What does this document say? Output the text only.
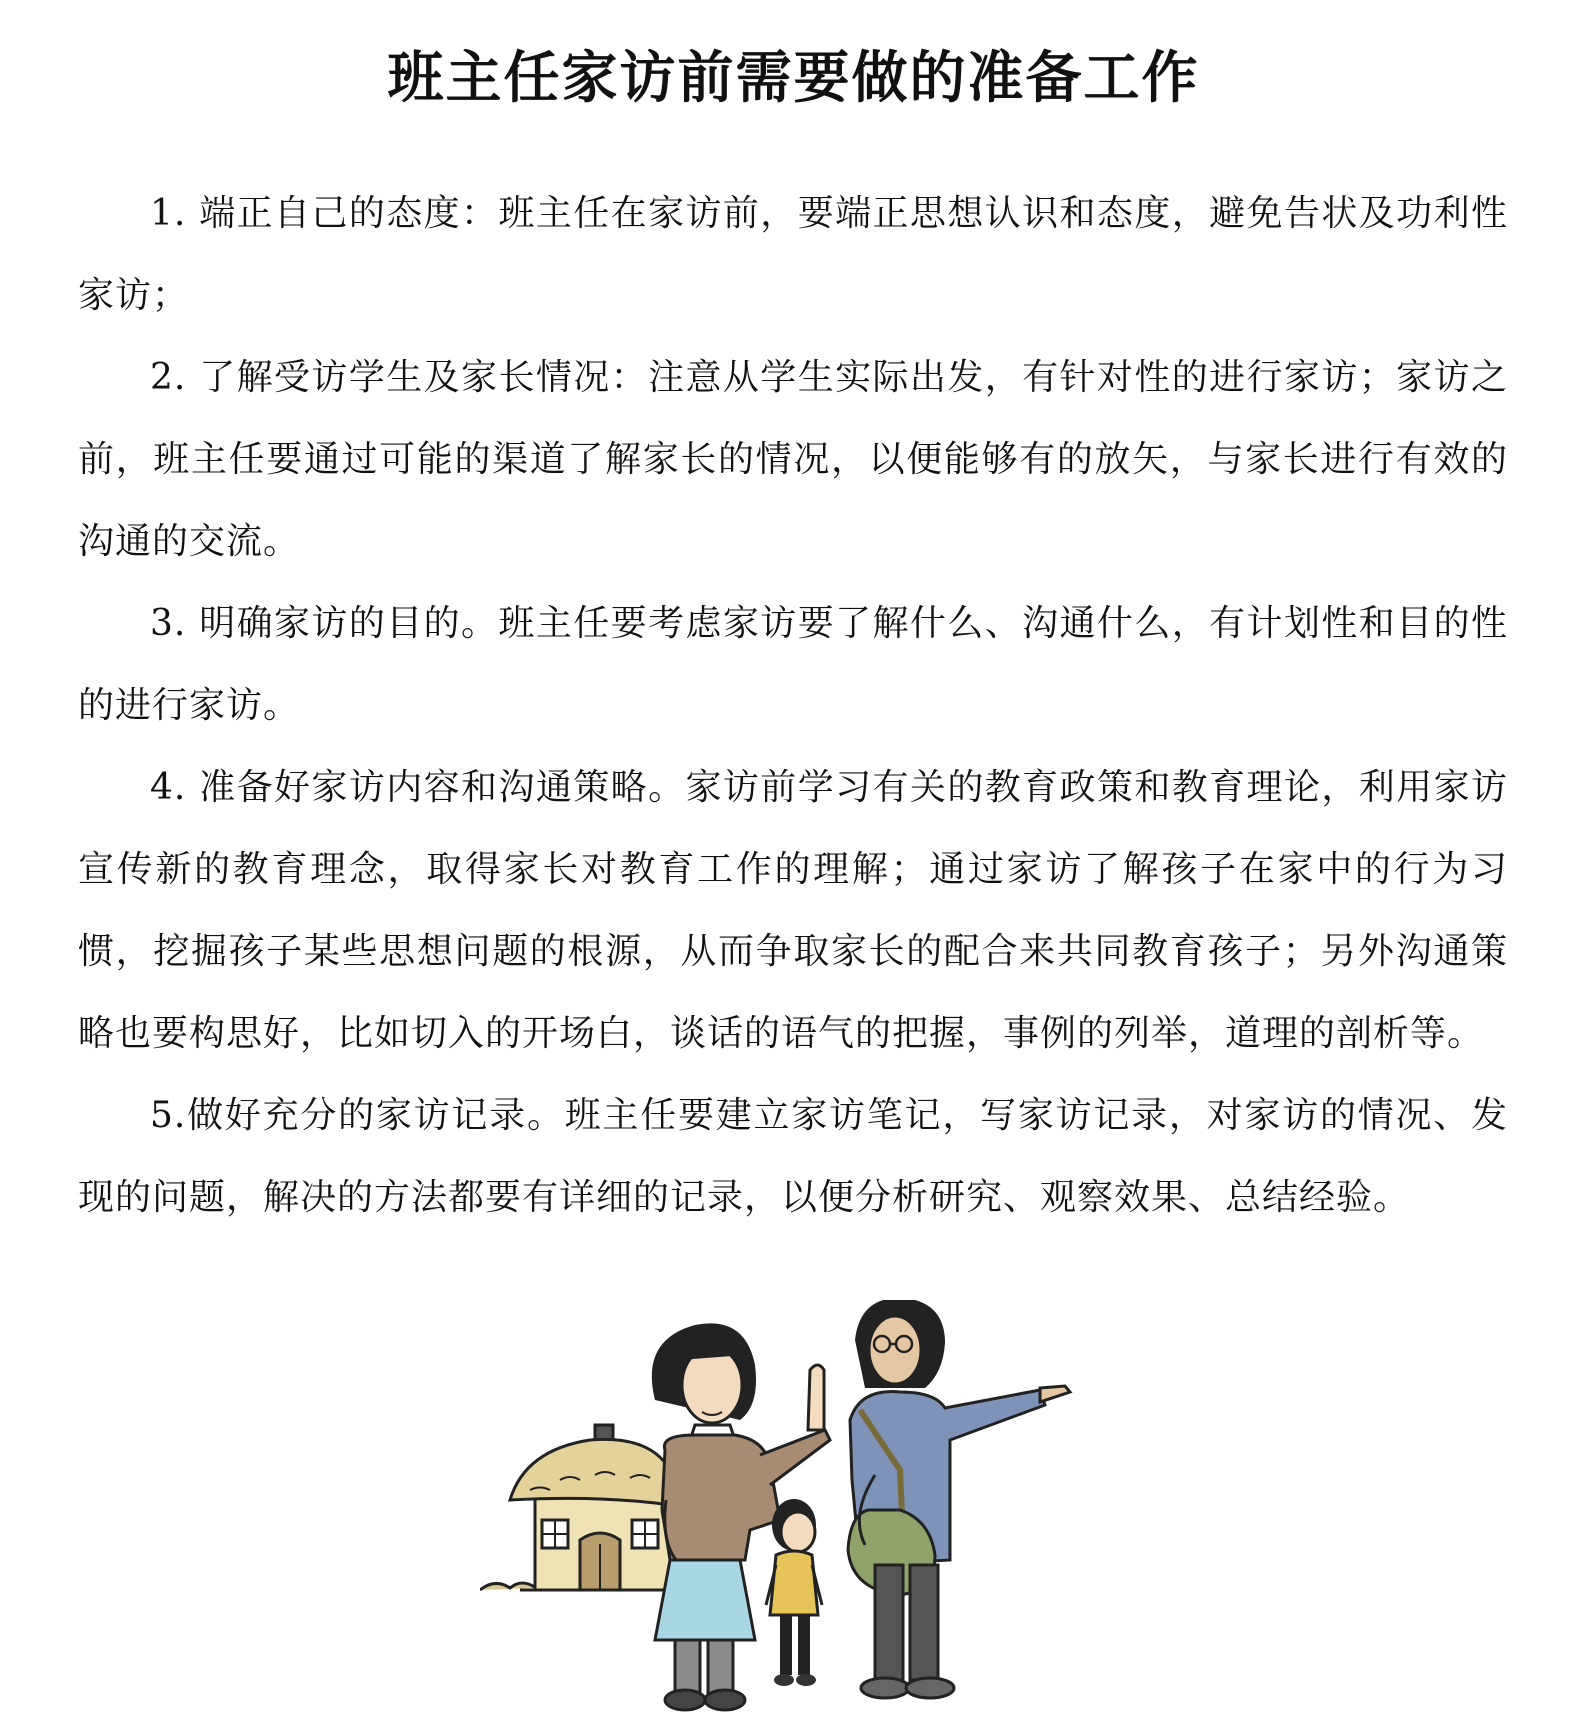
班主任家访前需要做的准备工作

1. 端正自己的态度：班主任在家访前，要端正思想认识和态度，避免告状及功利性家访；

2. 了解受访学生及家长情况：注意从学生实际出发，有针对性的进行家访；家访之前，班主任要通过可能的渠道了解家长的情况，以便能够有的放矢，与家长进行有效的沟通的交流。

3. 明确家访的目的。班主任要考虑家访要了解什么、沟通什么，有计划性和目的性的进行家访。

4. 准备好家访内容和沟通策略。家访前学习有关的教育政策和教育理论，利用家访宣传新的教育理念，取得家长对教育工作的理解；通过家访了解孩子在家中的行为习惯，挖掘孩子某些思想问题的根源，从而争取家长的配合来共同教育孩子；另外沟通策略也要构思好，比如切入的开场白，谈话的语气的把握，事例的列举，道理的剖析等。

5.做好充分的家访记录。班主任要建立家访笔记，写家访记录，对家访的情况、发现的问题，解决的方法都要有详细的记录，以便分析研究、观察效果、总结经验。
